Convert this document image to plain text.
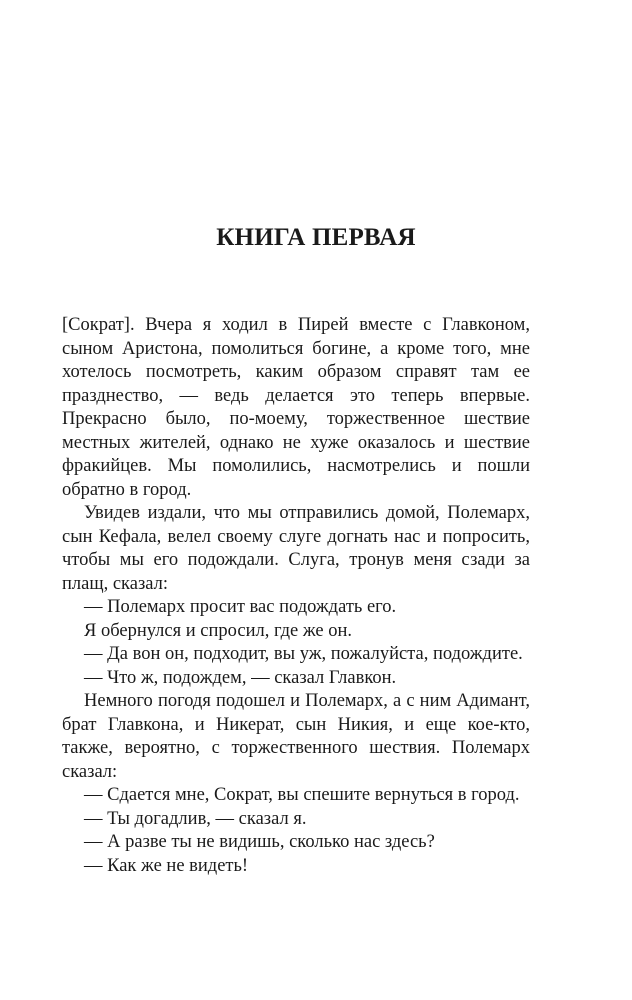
КНИГА ПЕРВАЯ

[Сократ]. Вчера я ходил в Пирей вместе с Главконом, сыном Аристона, помолиться богине, а кроме того, мне хотелось посмотреть, каким образом справят там ее празднество, — ведь делается это теперь впервые. Прекрасно было, по-моему, торжественное шествие местных жителей, однако не хуже оказалось и шествие фракийцев. Мы помолились, насмотрелись и пошли обратно в город.

Увидев издали, что мы отправились домой, Полемарх, сын Кефала, велел своему слуге догнать нас и попросить, чтобы мы его подождали. Слуга, тронув меня сзади за плащ, сказал:

— Полемарх просит вас подождать его.

Я обернулся и спросил, где же он.

— Да вон он, подходит, вы уж, пожалуйста, подождите.

— Что ж, подождем, — сказал Главкон.

Немного погодя подошел и Полемарх, а с ним Адимант, брат Главкона, и Никерат, сын Никия, и еще кое-кто, также, вероятно, с торжественного шествия. Полемарх сказал:

— Сдается мне, Сократ, вы спешите вернуться в город.

— Ты догадлив, — сказал я.

— А разве ты не видишь, сколько нас здесь?

— Как же не видеть!
